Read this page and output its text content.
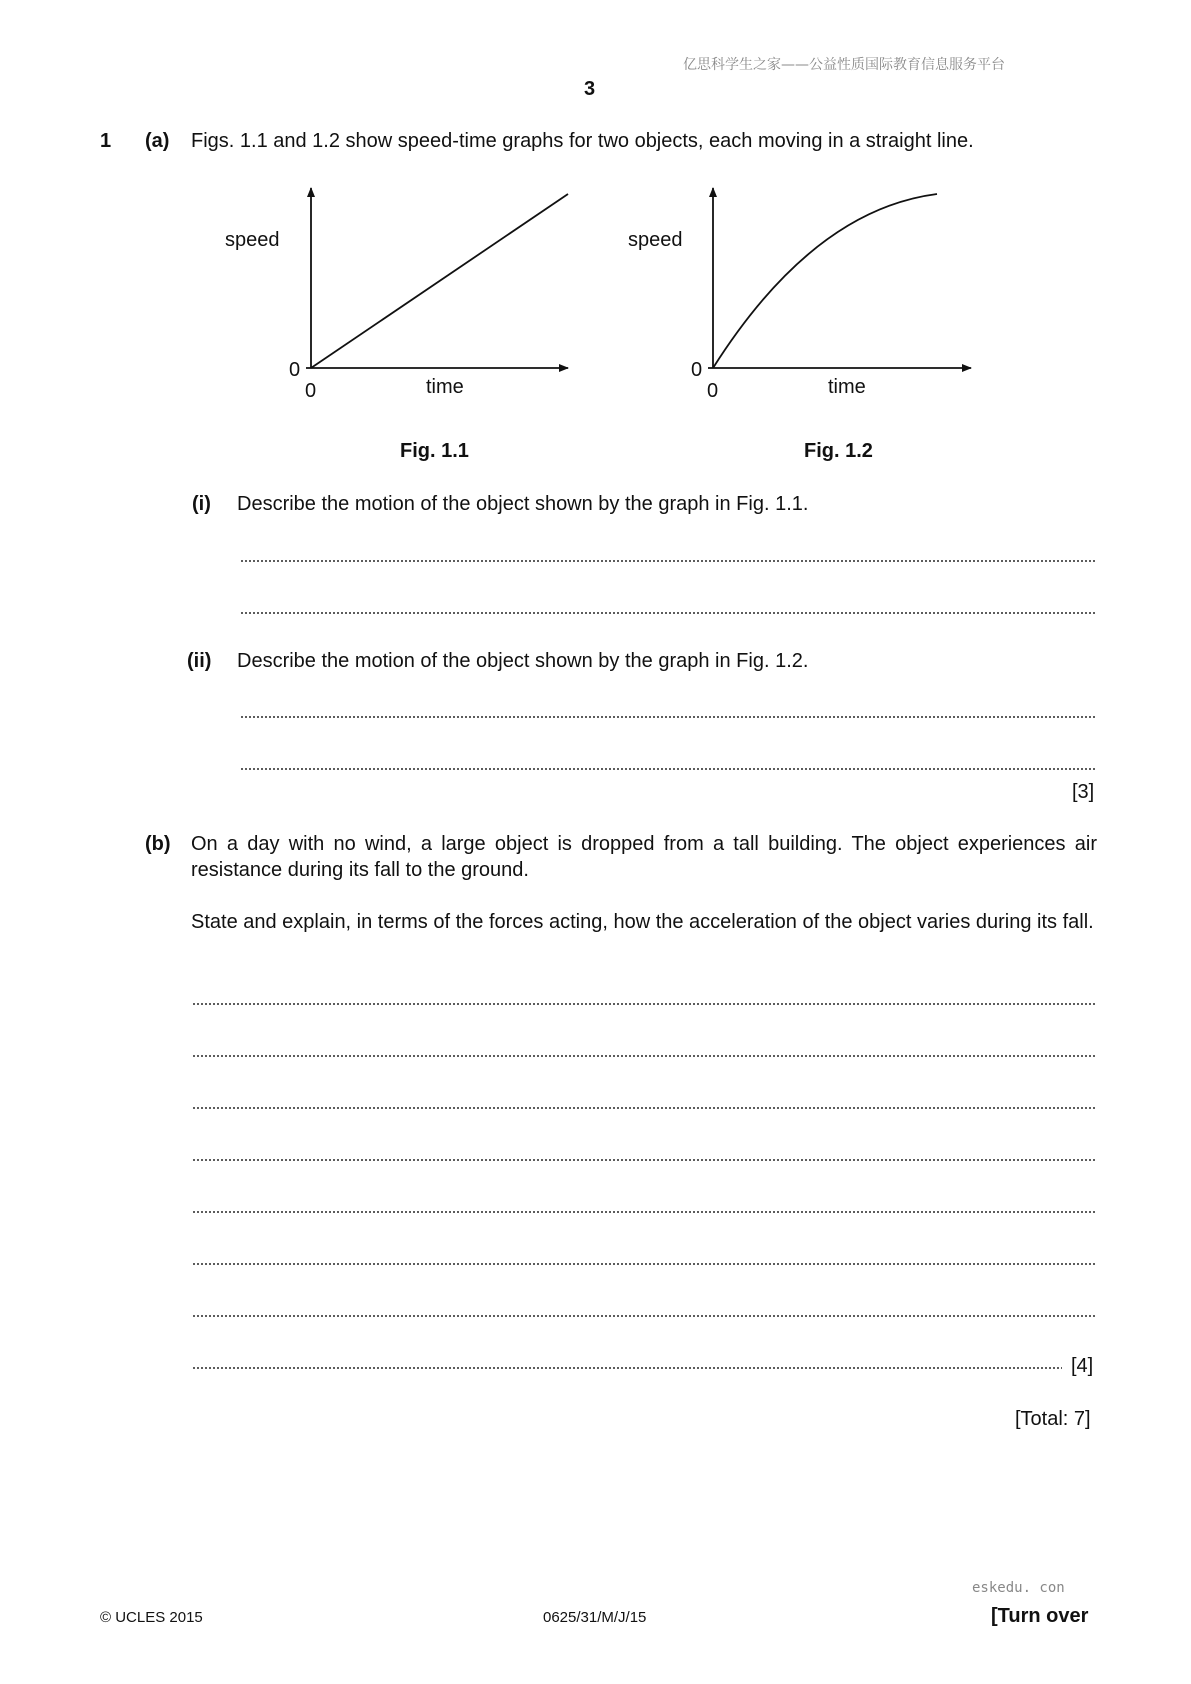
亿思科学生之家——公益性质国际教育信息服务平台
3
1 (a) Figs. 1.1 and 1.2 show speed-time graphs for two objects, each moving in a straight line.
speed
time
0
0
Fig. 1.1
speed
time
0
0
Fig. 1.2
(i) Describe the motion of the object shown by the graph in Fig. 1.1.
(ii) Describe the motion of the object shown by the graph in Fig. 1.2.
[3]
(b) On a day with no wind, a large object is dropped from a tall building. The object experiences air resistance during its fall to the ground.
State and explain, in terms of the forces acting, how the acceleration of the object varies during its fall.
[4]
[Total: 7]
eskedu. con
© UCLES 2015	0625/31/M/J/15	[Turn over
